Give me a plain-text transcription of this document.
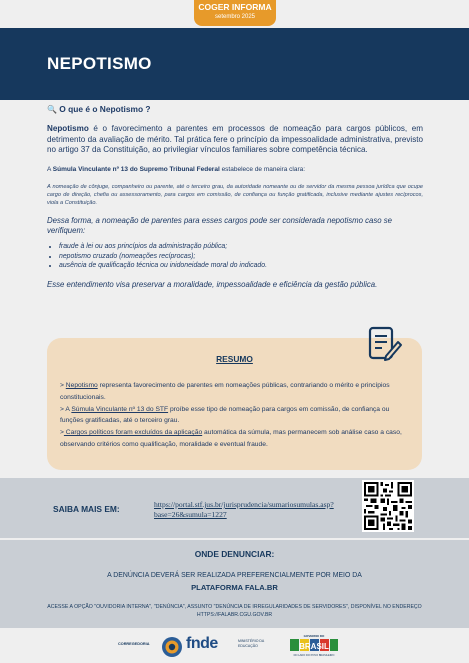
COGER INFORMA
setembro 2025
NEPOTISMO
🔍 O que é o Nepotismo ?

Nepotismo é o favorecimento a parentes em processos de nomeação para cargos públicos, em detrimento da avaliação de mérito. Tal prática fere o princípio da impessoalidade administrativa, previsto no artigo 37 da Constituição, ao privilegiar vínculos familiares sobre competência técnica.

A Súmula Vinculante nº 13 do Supremo Tribunal Federal estabelece de maneira clara:

A nomeação de cônjuge, companheiro ou parente, até o terceiro grau, da autoridade nomeante ou de servidor da mesma pessoa jurídica que ocupe cargo de direção, chefia ou assessoramento, para cargos em comissão, de confiança ou função gratificada, inclusive mediante ajustes recíprocos, viola a Constituição.

Dessa forma, a nomeação de parentes para esses cargos pode ser considerada nepotismo caso se verifiquem:

• fraude à lei ou aos princípios da administração pública;
• nepotismo cruzado (nomeações recíprocas);
• ausência de qualificação técnica ou inidoneidade moral do indicado.

Esse entendimento visa preservar a moralidade, impessoalidade e eficiência da gestão pública.

RESUMO

> Nepotismo representa favorecimento de parentes em nomeações públicas, contrariando o mérito e princípios constitucionais.

> A Súmula Vinculante nº 13 do STF proíbe esse tipo de nomeação para cargos em comissão, de confiança ou funções gratificadas, até o terceiro grau.

> Cargos políticos foram excluídos da aplicação automática da súmula, mas permanecem sob análise caso a caso, observando critérios como qualificação, moralidade e eventual fraude.

SAIBA MAIS EM:	https://portal.stf.jus.br/jurisprudencia/sumariosumulas.asp?base=26&sumula=1227
ONDE DENUNCIAR:
A DENÚNCIA DEVERÁ SER REALIZADA PREFERENCIALMENTE POR MEIO DA
PLATAFORMA FALA.BR
ACESSE A OPÇÃO "OUVIDORIA INTERNA", "DENÚNCIA", ASSUNTO "DENÚNCIA DE IRREGULARIDADES DE SERVIDORES", DISPONÍVEL NO ENDEREÇO HTTPS://FALABR.CGU.GOV.BR
CORREGEDORIA fnde	MINISTÉRIO DA EDUCAÇÃO
GOVERNO DO
BRASIL
DO LADO DO POVO BRASILEIRO
